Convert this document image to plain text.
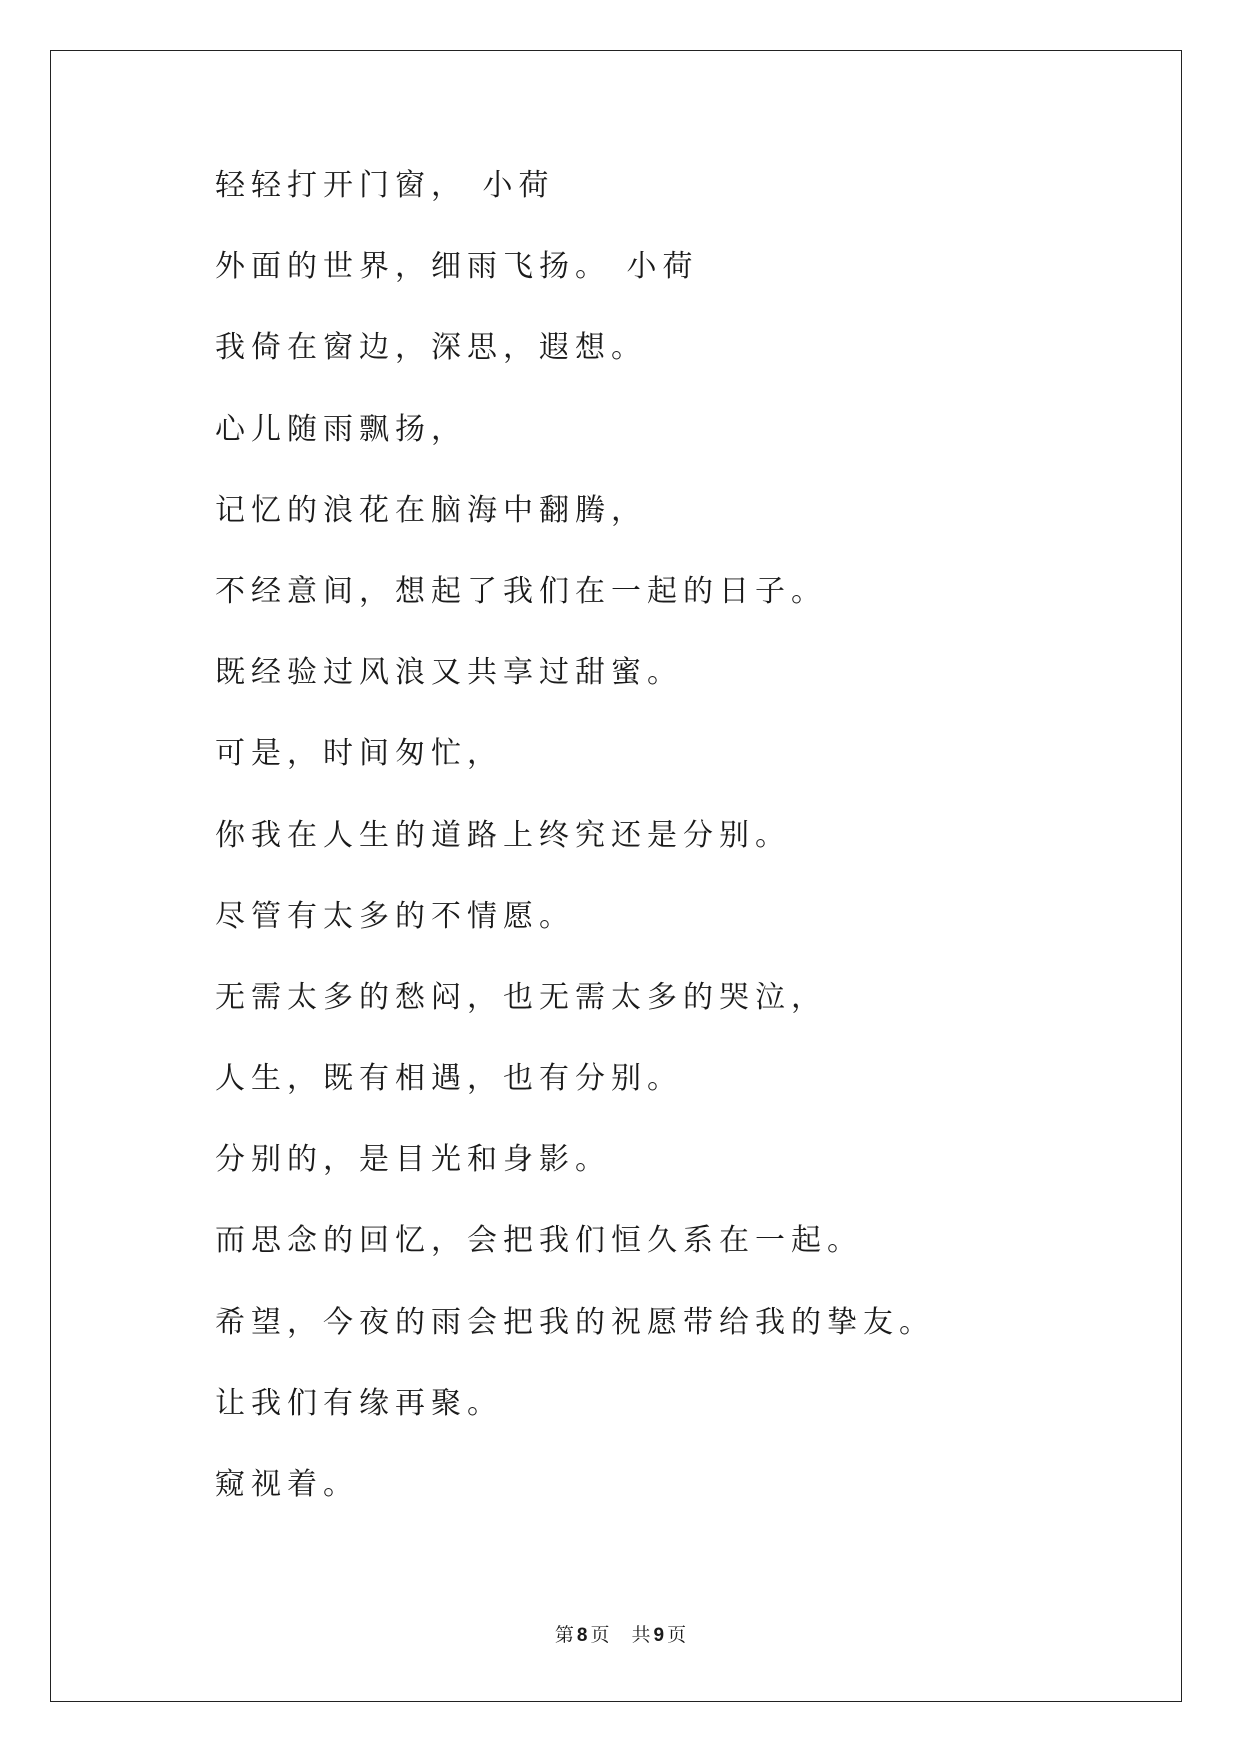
轻轻打开门窗， 小荷
外面的世界，细雨飞扬。 小荷
我倚在窗边，深思，遐想。
心儿随雨飘扬，
记忆的浪花在脑海中翻腾，
不经意间，想起了我们在一起的日子。
既经验过风浪又共享过甜蜜。
可是，时间匆忙，
你我在人生的道路上终究还是分别。
尽管有太多的不情愿。
无需太多的愁闷，也无需太多的哭泣，
人生，既有相遇，也有分别。
分别的，是目光和身影。
而思念的回忆，会把我们恒久系在一起。
希望，今夜的雨会把我的祝愿带给我的挚友。
让我们有缘再聚。
窥视着。
第 8 页 共 9 页
